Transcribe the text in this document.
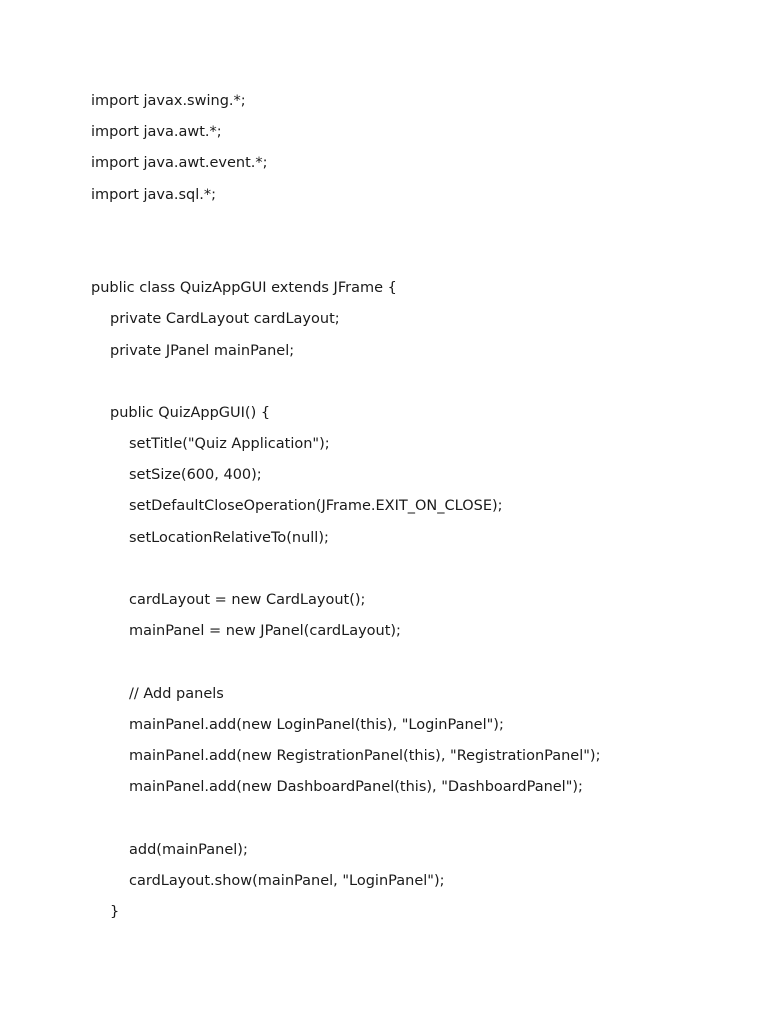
import javax.swing.*;
import java.awt.*;
import java.awt.event.*;
import java.sql.*;
public class QuizAppGUI extends JFrame {
private CardLayout cardLayout;
private JPanel mainPanel;
public QuizAppGUI() {
setTitle("Quiz Application");
setSize(600, 400);
setDefaultCloseOperation(JFrame.EXIT_ON_CLOSE);
setLocationRelativeTo(null);
cardLayout = new CardLayout();
mainPanel = new JPanel(cardLayout);
// Add panels
mainPanel.add(new LoginPanel(this), "LoginPanel");
mainPanel.add(new RegistrationPanel(this), "RegistrationPanel");
mainPanel.add(new DashboardPanel(this), "DashboardPanel");
add(mainPanel);
cardLayout.show(mainPanel, "LoginPanel");
}
